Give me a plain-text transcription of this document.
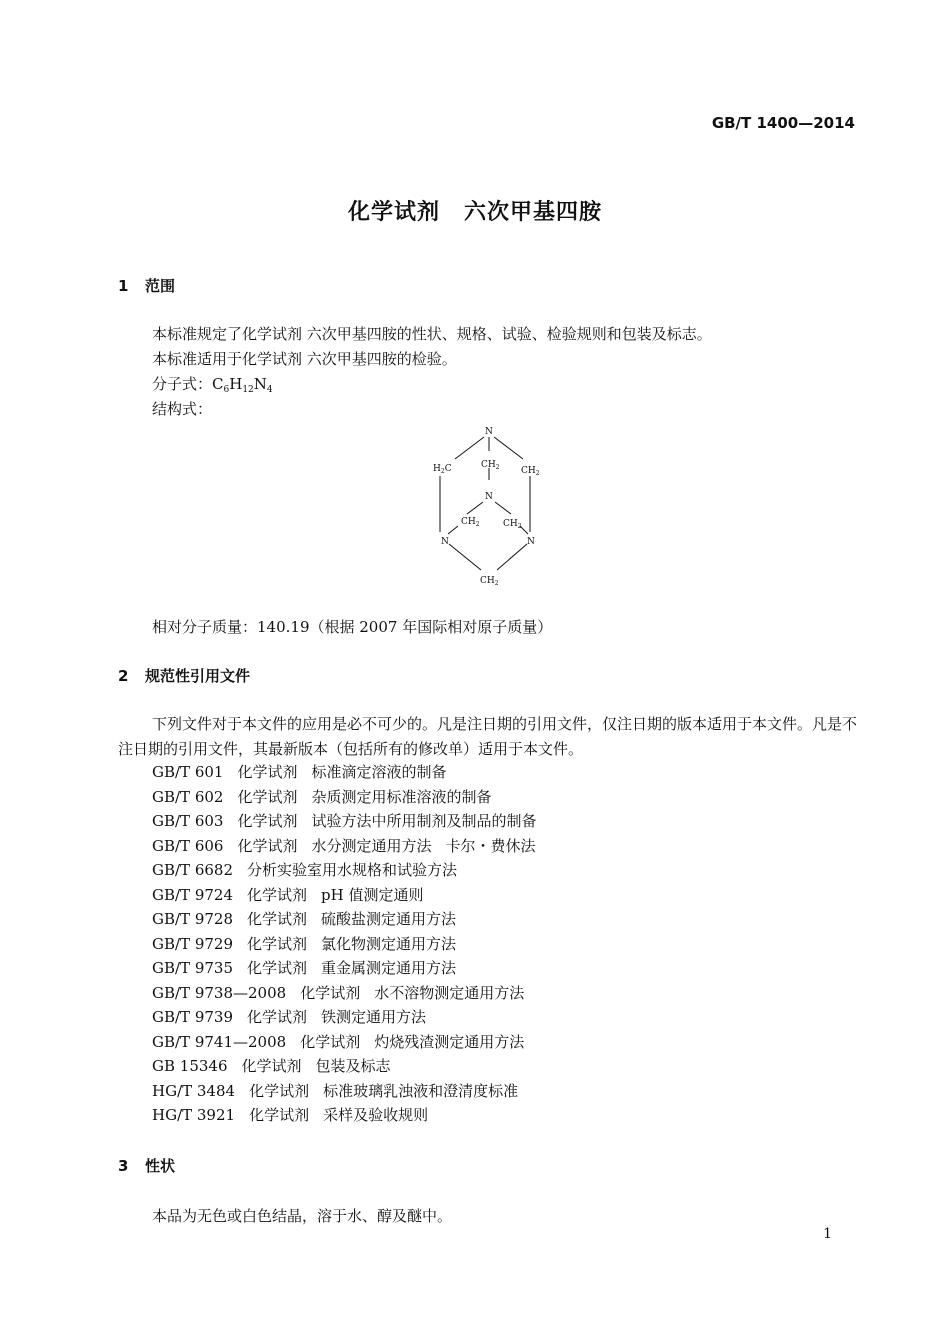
GB/T 1400—2014
化学试剂 六次甲基四胺
1 范围
本标准规定了化学试剂 六次甲基四胺的性状、规格、试验、检验规则和包装及标志。
本标准适用于化学试剂 六次甲基四胺的检验。
分子式：$C_6H_{12}N_4$
结构式：
N
$H_2C$	$CH_2$ $CH_2$
N
$CH_2$	$CH_2$
N	N
$CH_2$
相对分子质量：140.19（根据 2007 年国际相对原子质量）
2 规范性引用文件
下列文件对于本文件的应用是必不可少的。凡是注日期的引用文件，仅注日期的版本适用于本文件。凡是不注日期的引用文件，其最新版本（包括所有的修改单）适用于本文件。
GB/T 601 化学试剂 标准滴定溶液的制备
GB/T 602 化学试剂 杂质测定用标准溶液的制备
GB/T 603 化学试剂 试验方法中所用制剂及制品的制备
GB/T 606 化学试剂 水分测定通用方法 卡尔・费休法
GB/T 6682 分析实验室用水规格和试验方法
GB/T 9724 化学试剂 pH 值测定通则
GB/T 9728 化学试剂 硫酸盐测定通用方法
GB/T 9729 化学试剂 氯化物测定通用方法
GB/T 9735 化学试剂 重金属测定通用方法
GB/T 9738—2008 化学试剂 水不溶物测定通用方法
GB/T 9739 化学试剂 铁测定通用方法
GB/T 9741—2008 化学试剂 灼烧残渣测定通用方法
GB 15346 化学试剂 包装及标志
HG/T 3484 化学试剂 标准玻璃乳浊液和澄清度标准
HG/T 3921 化学试剂 采样及验收规则
3 性状
本品为无色或白色结晶，溶于水、醇及醚中。
1
